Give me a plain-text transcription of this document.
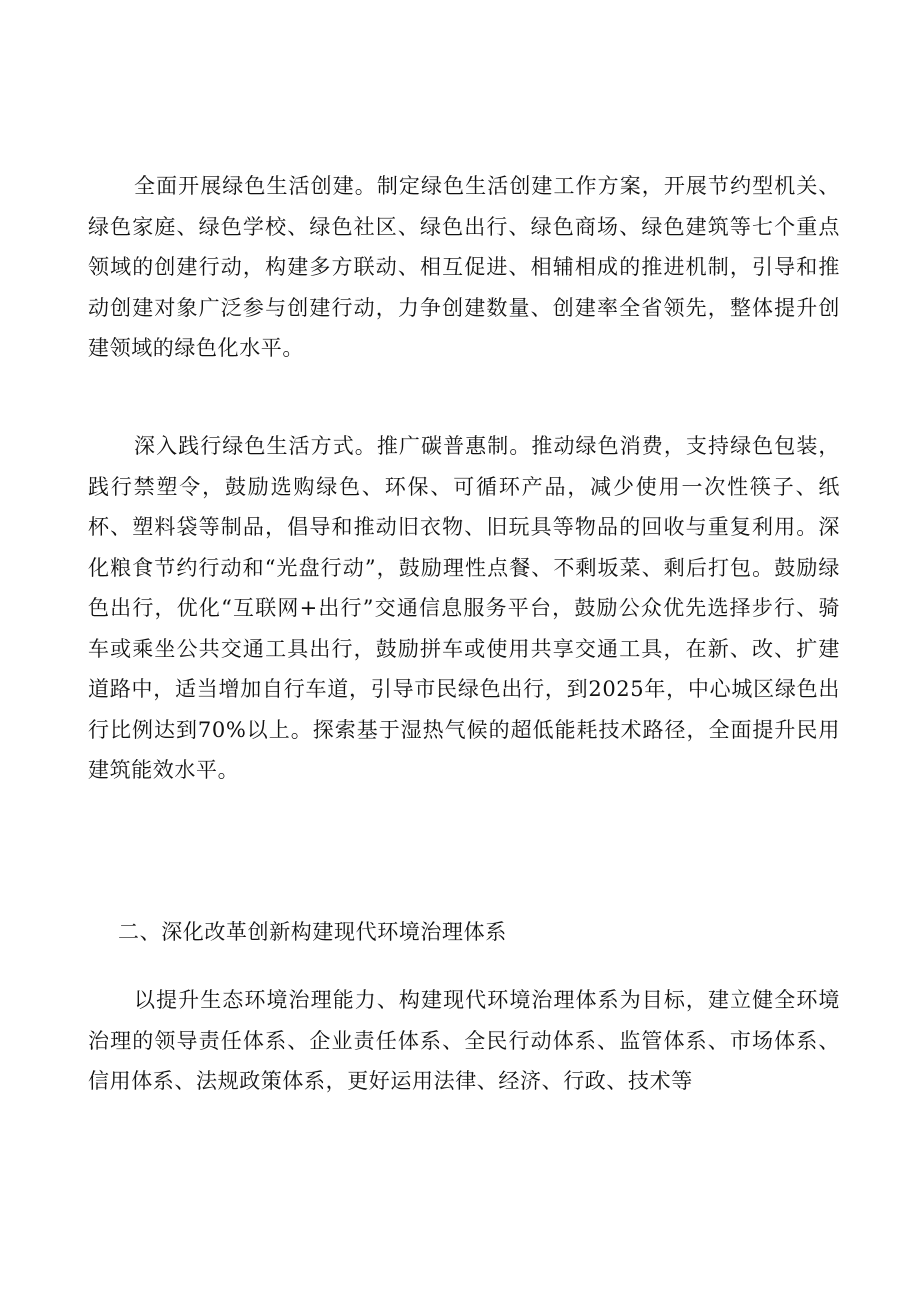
全面开展绿色生活创建。制定绿色生活创建工作方案，开展节约型机关、绿色家庭、绿色学校、绿色社区、绿色出行、绿色商场、绿色建筑等七个重点领域的创建行动，构建多方联动、相互促进、相辅相成的推进机制，引导和推动创建对象广泛参与创建行动，力争创建数量、创建率全省领先，整体提升创建领域的绿色化水平。

深入践行绿色生活方式。推广碳普惠制。推动绿色消费，支持绿色包装，践行禁塑令，鼓励选购绿色、环保、可循环产品，减少使用一次性筷子、纸杯、塑料袋等制品，倡导和推动旧衣物、旧玩具等物品的回收与重复利用。深化粮食节约行动和“光盘行动”，鼓励理性点餐、不剩坂菜、剩后打包。鼓励绿色出行，优化“互联网+出行”交通信息服务平台，鼓励公众优先选择步行、骑车或乘坐公共交通工具出行，鼓励拼车或使用共享交通工具，在新、改、扩建道路中，适当增加自行车道，引导市民绿色出行，到2025年，中心城区绿色出行比例达到70%以上。探索基于湿热气候的超低能耗技术路径，全面提升民用建筑能效水平。

二、深化改革创新构建现代环境治理体系

以提升生态环境治理能力、构建现代环境治理体系为目标，建立健全环境治理的领导责任体系、企业责任体系、全民行动体系、监管体系、市场体系、信用体系、法规政策体系，更好运用法律、经济、行政、技术等
